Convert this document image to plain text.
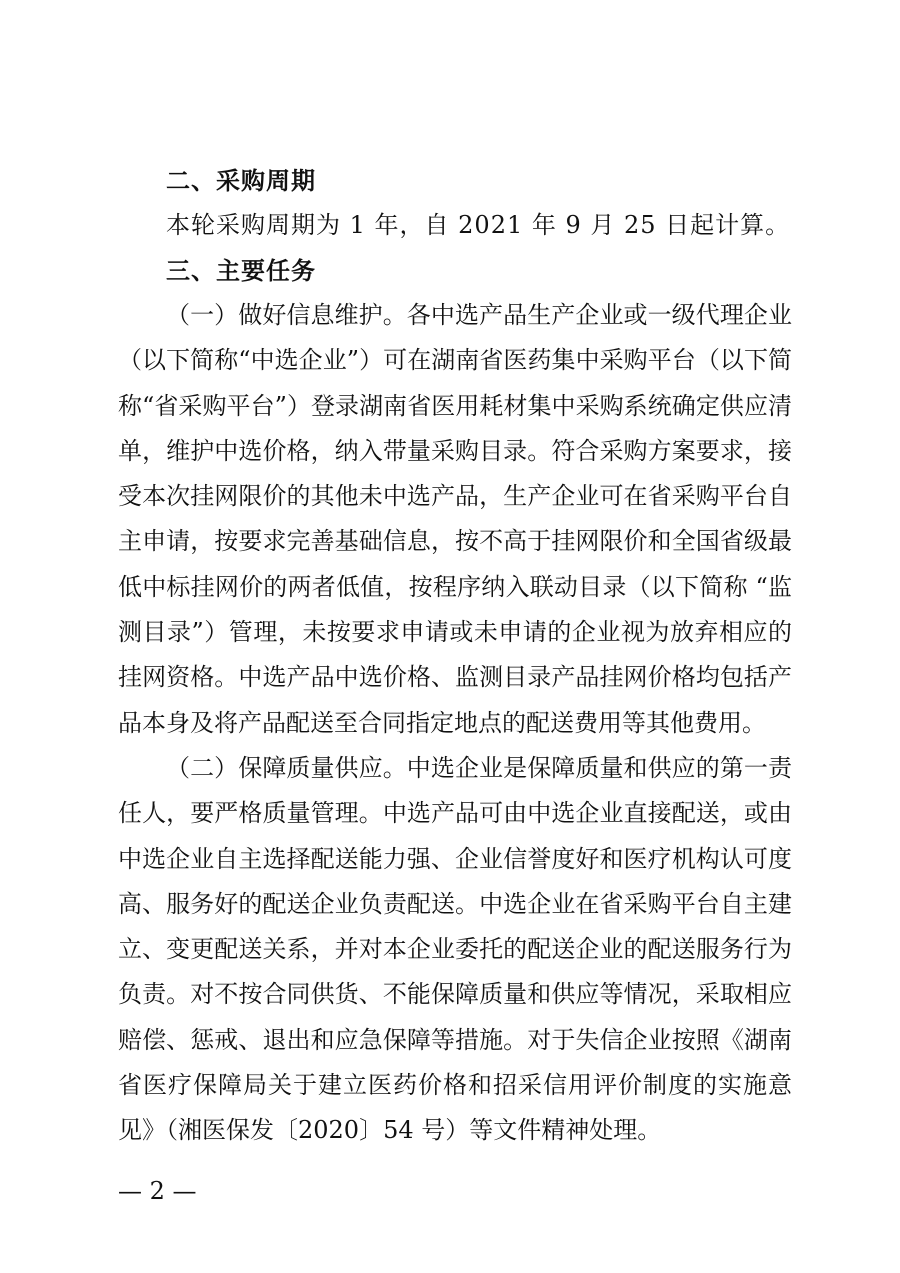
二、采购周期
本轮采购周期为 1 年，自 2021 年 9 月 25 日起计算。
三、主要任务
（一）做好信息维护。各中选产品生产企业或一级代理企业
（以下简称“中选企业”）可在湖南省医药集中采购平台（以下简
称“省采购平台”）登录湖南省医用耗材集中采购系统确定供应清
单，维护中选价格，纳入带量采购目录。符合采购方案要求，接
受本次挂网限价的其他未中选产品，生产企业可在省采购平台自
主申请，按要求完善基础信息，按不高于挂网限价和全国省级最
低中标挂网价的两者低值，按程序纳入联动目录（以下简称 “监
测目录”）管理，未按要求申请或未申请的企业视为放弃相应的
挂网资格。中选产品中选价格、监测目录产品挂网价格均包括产
品本身及将产品配送至合同指定地点的配送费用等其他费用。
（二）保障质量供应。中选企业是保障质量和供应的第一责
任人，要严格质量管理。中选产品可由中选企业直接配送，或由
中选企业自主选择配送能力强、企业信誉度好和医疗机构认可度
高、服务好的配送企业负责配送。中选企业在省采购平台自主建
立、变更配送关系，并对本企业委托的配送企业的配送服务行为
负责。对不按合同供货、不能保障质量和供应等情况，采取相应
赔偿、惩戒、退出和应急保障等措施。对于失信企业按照《湖南
省医疗保障局关于建立医药价格和招采信用评价制度的实施意
见》（湘医保发〔2020〕54 号）等文件精神处理。
— 2 —
